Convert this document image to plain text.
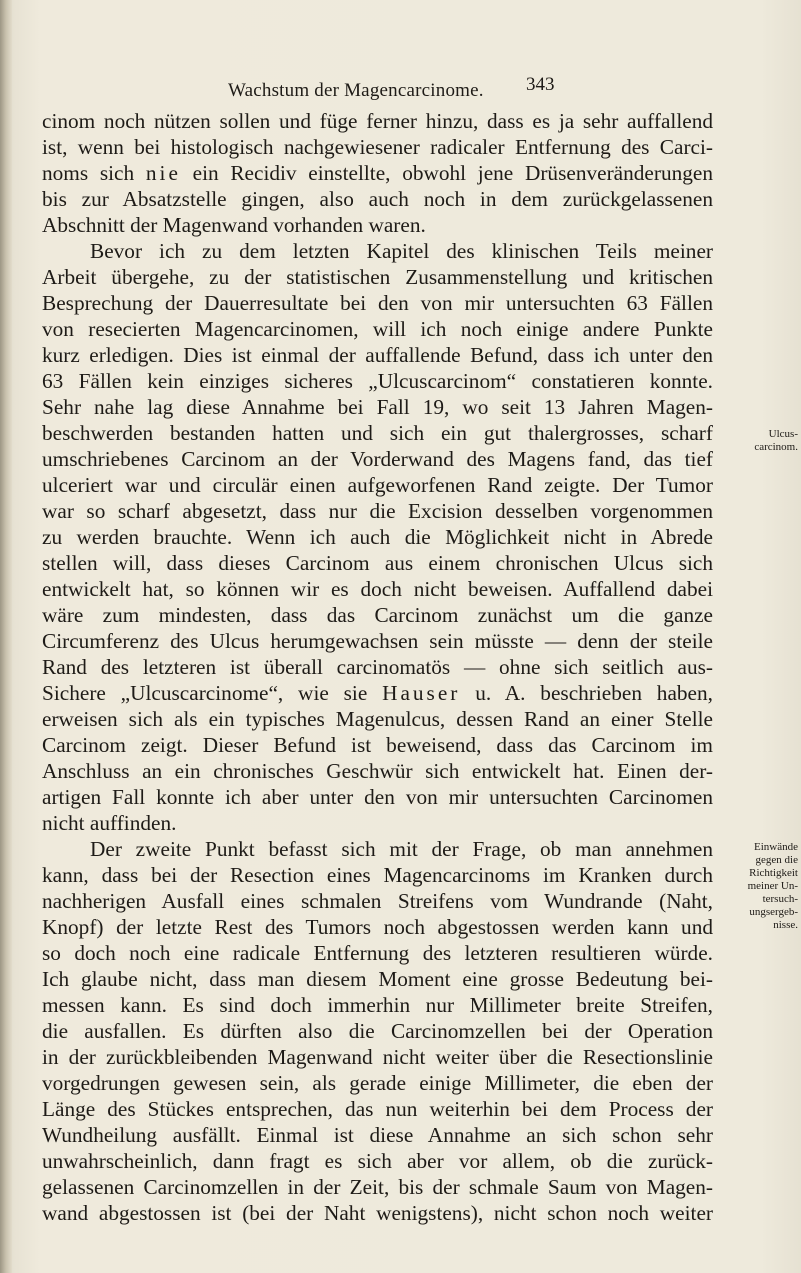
Wachstum der Magencarcinome.	343
cinom noch nützen sollen und füge ferner hinzu, dass es ja sehr auffallend
ist, wenn bei histologisch nachgewiesener radicaler Entfernung des Carci-
noms sich nie ein Recidiv einstellte, obwohl jene Drüsenveränderungen
bis zur Absatzstelle gingen, also auch noch in dem zurückgelassenen
Abschnitt der Magenwand vorhanden waren.
Bevor ich zu dem letzten Kapitel des klinischen Teils meiner
Arbeit übergehe, zu der statistischen Zusammenstellung und kritischen
Besprechung der Dauerresultate bei den von mir untersuchten 63 Fällen
von resecierten Magencarcinomen, will ich noch einige andere Punkte
kurz erledigen. Dies ist einmal der auffallende Befund, dass ich unter den
63 Fällen kein einziges sicheres „Ulcuscarcinom“ constatieren konnte.
Sehr nahe lag diese Annahme bei Fall 19, wo seit 13 Jahren Magen-
beschwerden bestanden hatten und sich ein gut thalergrosses, scharf
umschriebenes Carcinom an der Vorderwand des Magens fand, das tief
ulceriert war und circulär einen aufgeworfenen Rand zeigte. Der Tumor
war so scharf abgesetzt, dass nur die Excision desselben vorgenommen
zu werden brauchte. Wenn ich auch die Möglichkeit nicht in Abrede
stellen will, dass dieses Carcinom aus einem chronischen Ulcus sich
entwickelt hat, so können wir es doch nicht beweisen. Auffallend dabei
wäre zum mindesten, dass das Carcinom zunächst um die ganze
Circumferenz des Ulcus herumgewachsen sein müsste — denn der steile
Rand des letzteren ist überall carcinomatös — ohne sich seitlich aus-
Sichere „Ulcuscarcinome“, wie sie Hauser u. A. beschrieben haben,
erweisen sich als ein typisches Magenulcus, dessen Rand an einer Stelle
Carcinom zeigt. Dieser Befund ist beweisend, dass das Carcinom im
Anschluss an ein chronisches Geschwür sich entwickelt hat. Einen der-
artigen Fall konnte ich aber unter den von mir untersuchten Carcinomen
nicht auffinden.
Der zweite Punkt befasst sich mit der Frage, ob man annehmen
kann, dass bei der Resection eines Magencarcinoms im Kranken durch
nachherigen Ausfall eines schmalen Streifens vom Wundrande (Naht,
Knopf) der letzte Rest des Tumors noch abgestossen werden kann und
so doch noch eine radicale Entfernung des letzteren resultieren würde.
Ich glaube nicht, dass man diesem Moment eine grosse Bedeutung bei-
messen kann. Es sind doch immerhin nur Millimeter breite Streifen,
die ausfallen. Es dürften also die Carcinomzellen bei der Operation
in der zurückbleibenden Magenwand nicht weiter über die Resectionslinie
vorgedrungen gewesen sein, als gerade einige Millimeter, die eben der
Länge des Stückes entsprechen, das nun weiterhin bei dem Process der
Wundheilung ausfällt. Einmal ist diese Annahme an sich schon sehr
unwahrscheinlich, dann fragt es sich aber vor allem, ob die zurück-
gelassenen Carcinomzellen in der Zeit, bis der schmale Saum von Magen-
wand abgestossen ist (bei der Naht wenigstens), nicht schon noch weiter
Ulcus-
carcinom.
Einwände
gegen die
Richtigkeit
meiner Un-
tersuch-
ungsergeb-
nisse.
